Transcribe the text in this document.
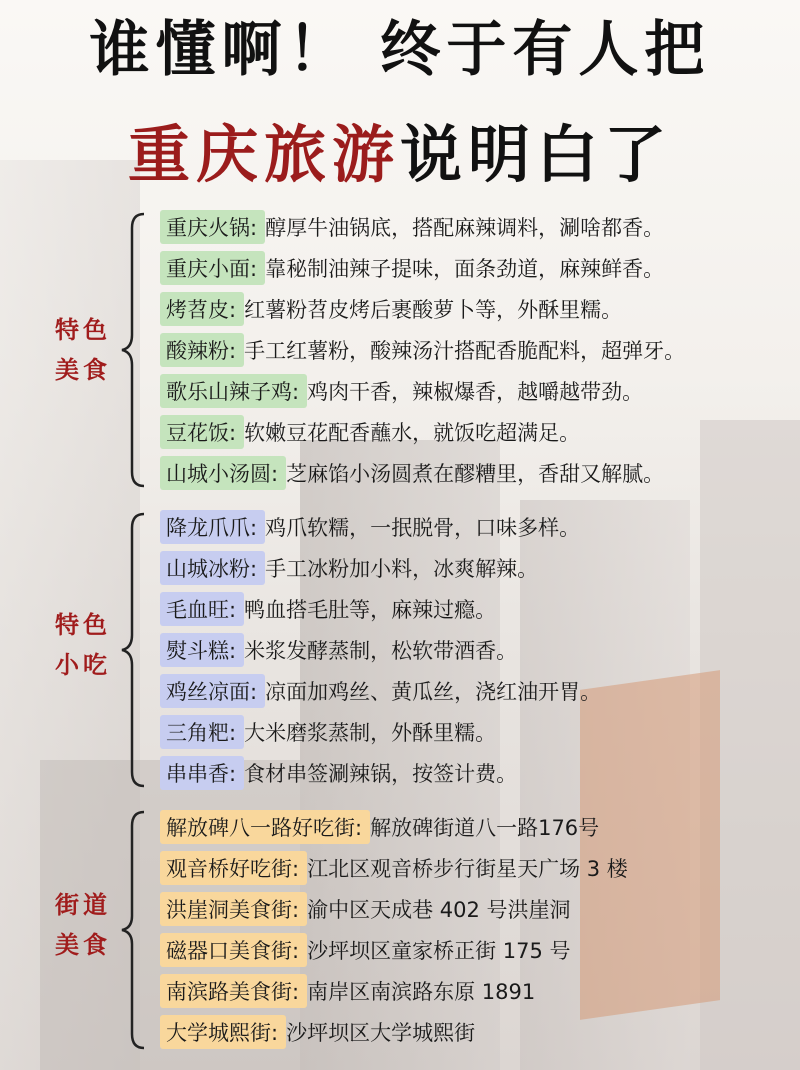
谁懂啊！ 终于有人把
重庆旅游说明白了
特色
美食
重庆火锅: 醇厚牛油锅底，搭配麻辣调料，涮啥都香。
重庆小面: 靠秘制油辣子提味，面条劲道，麻辣鲜香。
烤苕皮: 红薯粉苕皮烤后裹酸萝卜等，外酥里糯。
酸辣粉: 手工红薯粉，酸辣汤汁搭配香脆配料，超弹牙。
歌乐山辣子鸡: 鸡肉干香，辣椒爆香，越嚼越带劲。
豆花饭: 软嫩豆花配香蘸水，就饭吃超满足。
山城小汤圆: 芝麻馅小汤圆煮在醪糟里，香甜又解腻。
特色
小吃
降龙爪爪: 鸡爪软糯，一抿脱骨，口味多样。
山城冰粉: 手工冰粉加小料，冰爽解辣。
毛血旺: 鸭血搭毛肚等，麻辣过瘾。
熨斗糕: 米浆发酵蒸制，松软带酒香。
鸡丝凉面: 凉面加鸡丝、黄瓜丝，浇红油开胃。
三角粑: 大米磨浆蒸制，外酥里糯。
串串香: 食材串签涮辣锅，按签计费。
街道
美食
解放碑八一路好吃街: 解放碑街道八一路176号
观音桥好吃街: 江北区观音桥步行街星天广场 3 楼
洪崖洞美食街: 渝中区天成巷 402 号洪崖洞
磁器口美食街: 沙坪坝区童家桥正街 175 号
南滨路美食街: 南岸区南滨路东原 1891
大学城熙街: 沙坪坝区大学城熙街
